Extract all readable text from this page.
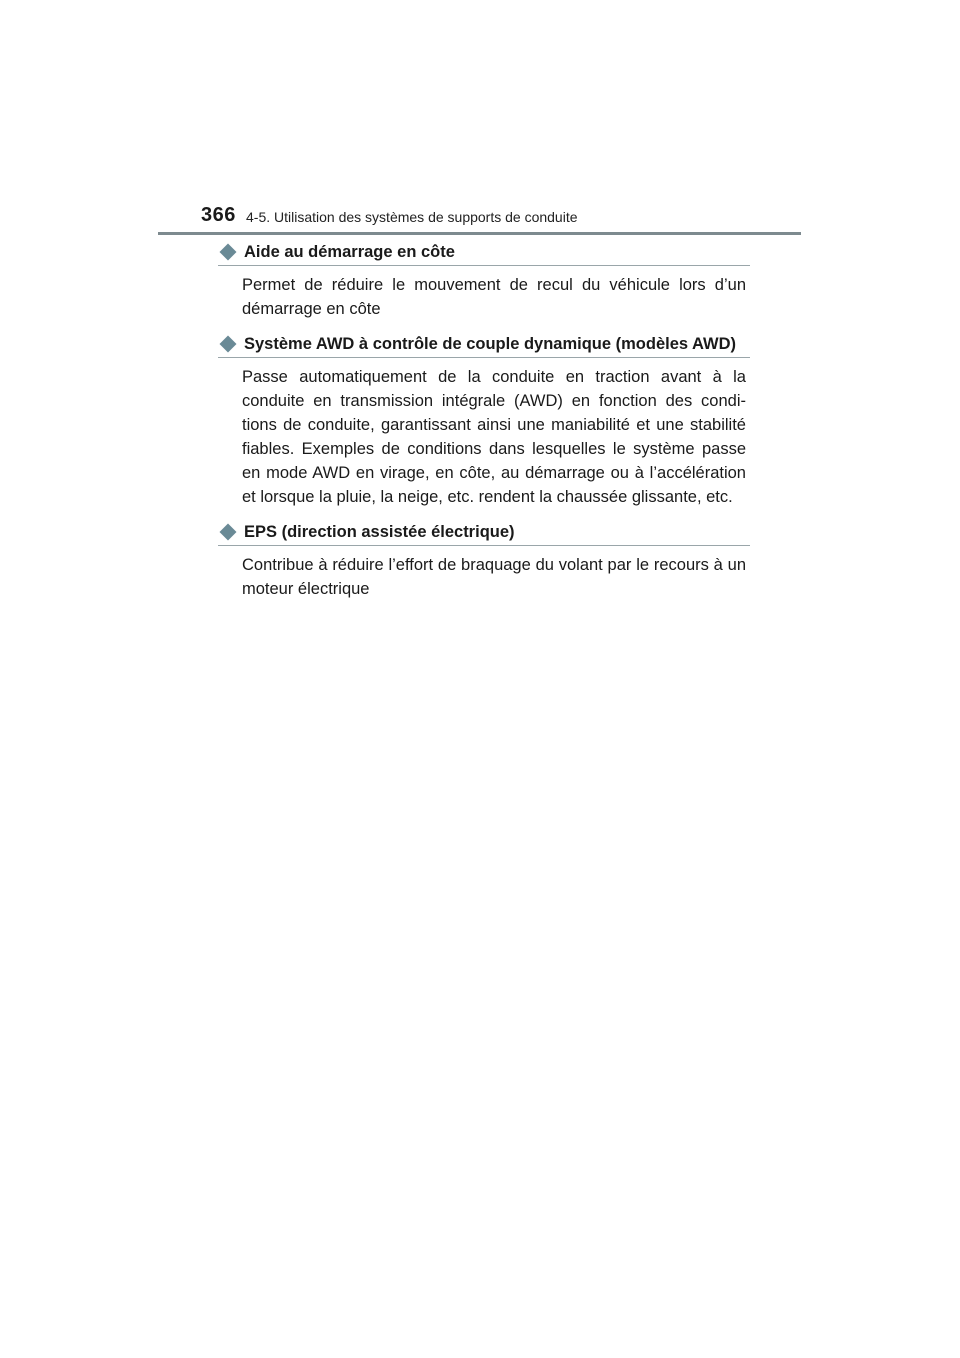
366 4-5. Utilisation des systèmes de supports de conduite
Aide au démarrage en côte
Permet de réduire le mouvement de recul du véhicule lors d’un démarrage en côte
Système AWD à contrôle de couple dynamique (modèles AWD)
Passe automatiquement de la conduite en traction avant à la conduite en transmission intégrale (AWD) en fonction des condi-tions de conduite, garantissant ainsi une maniabilité et une stabilité fiables. Exemples de conditions dans lesquelles le système passe en mode AWD en virage, en côte, au démarrage ou à l’accélération et lorsque la pluie, la neige, etc. rendent la chaussée glissante, etc.
EPS (direction assistée électrique)
Contribue à réduire l’effort de braquage du volant par le recours à un moteur électrique
